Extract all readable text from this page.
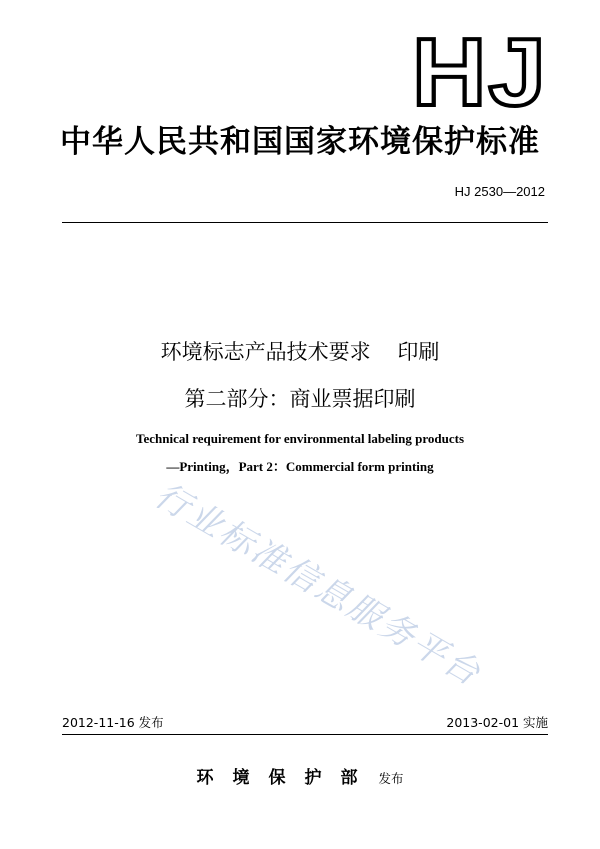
HJ
中华人民共和国国家环境保护标准
HJ 2530—2012
环境标志产品技术要求    印刷
第二部分：商业票据印刷
Technical requirement for environmental labeling products
—Printing，Part 2：Commercial form printing
行业标准信息服务平台
2012-11-16 发布	2013-02-01 实施
环境保护部 发布
